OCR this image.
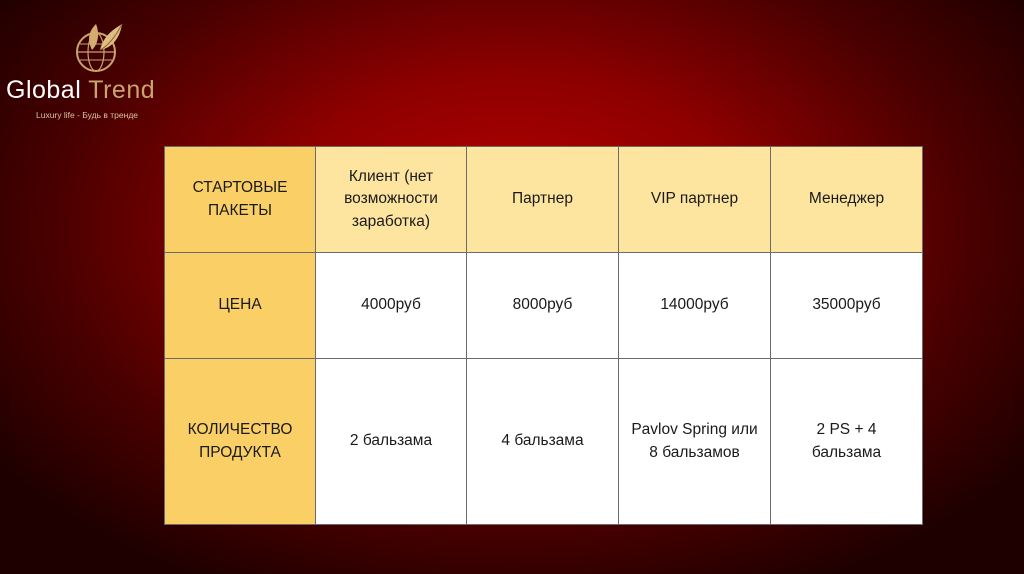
Global Trend
Luxury life - Будь в тренде
СТАРТОВЫЕ ПАКЕТЫ	Клиент (нет возможности заработка)	Партнер	VIP партнер	Менеджер
ЦЕНА	4000руб	8000руб	14000руб	35000руб
КОЛИЧЕСТВО ПРОДУКТА	2 бальзама	4 бальзама	Pavlov Spring или 8 бальзамов	2 PS + 4 бальзама
